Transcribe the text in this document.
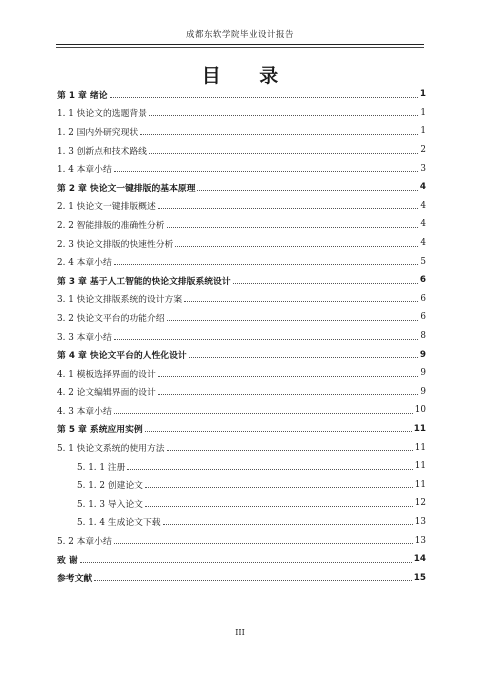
成都东软学院毕业设计报告
目 录
第 1 章 绪论	1
1. 1 快论文的选题背景	1
1. 2 国内外研究现状	1
1. 3 创新点和技术路线	2
1. 4 本章小结	3
第 2 章 快论文一键排版的基本原理	4
2. 1 快论文一键排版概述	4
2. 2 智能排版的准确性分析	4
2. 3 快论文排版的快速性分析	4
2. 4 本章小结	5
第 3 章 基于人工智能的快论文排版系统设计	6
3. 1 快论文排版系统的设计方案	6
3. 2 快论文平台的功能介绍	6
3. 3 本章小结	8
第 4 章 快论文平台的人性化设计	9
4. 1 模板选择界面的设计	9
4. 2 论文编辑界面的设计	9
4. 3 本章小结	10
第 5 章 系统应用实例	11
5. 1 快论文系统的使用方法	11
5. 1. 1 注册	11
5. 1. 2 创建论文	11
5. 1. 3 导入论文	12
5. 1. 4 生成论文下载	13
5. 2 本章小结	13
致 谢	14
参考文献	15
III
